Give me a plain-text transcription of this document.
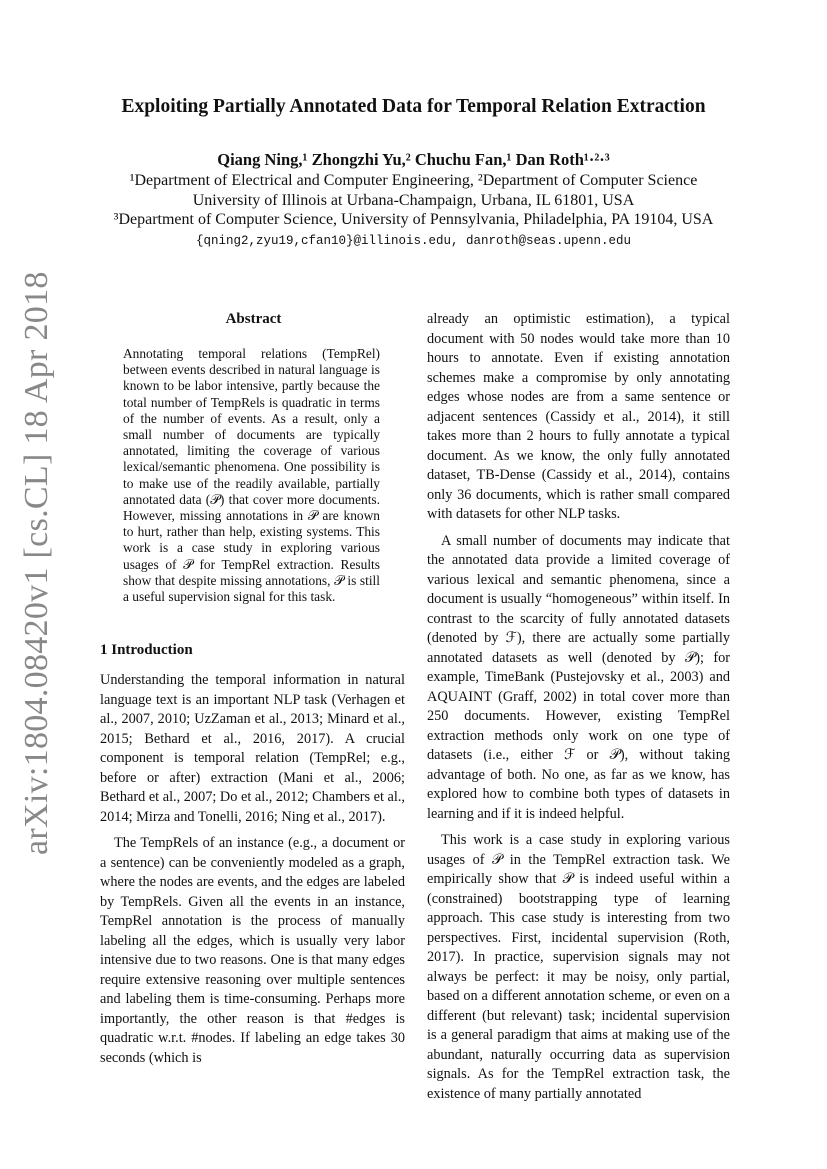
arXiv:1804.08420v1 [cs.CL] 18 Apr 2018
Exploiting Partially Annotated Data for Temporal Relation Extraction
Qiang Ning,¹ Zhongzhi Yu,² Chuchu Fan,¹ Dan Roth¹·²·³
¹Department of Electrical and Computer Engineering, ²Department of Computer Science
University of Illinois at Urbana-Champaign, Urbana, IL 61801, USA
³Department of Computer Science, University of Pennsylvania, Philadelphia, PA 19104, USA
{qning2,zyu19,cfan10}@illinois.edu, danroth@seas.upenn.edu
Abstract
Annotating temporal relations (TempRel) between events described in natural language is known to be labor intensive, partly because the total number of TempRels is quadratic in terms of the number of events. As a result, only a small number of documents are typically annotated, limiting the coverage of various lexical/semantic phenomena. One possibility is to make use of the readily available, partially annotated data (𝒫) that cover more documents. However, missing annotations in 𝒫 are known to hurt, rather than help, existing systems. This work is a case study in exploring various usages of 𝒫 for TempRel extraction. Results show that despite missing annotations, 𝒫 is still a useful supervision signal for this task.
1 Introduction

Understanding the temporal information in natural language text is an important NLP task (Verhagen et al., 2007, 2010; UzZaman et al., 2013; Minard et al., 2015; Bethard et al., 2016, 2017). A crucial component is temporal relation (TempRel; e.g., before or after) extraction (Mani et al., 2006; Bethard et al., 2007; Do et al., 2012; Chambers et al., 2014; Mirza and Tonelli, 2016; Ning et al., 2017).

The TempRels of an instance (e.g., a document or a sentence) can be conveniently modeled as a graph, where the nodes are events, and the edges are labeled by TempRels. Given all the events in an instance, TempRel annotation is the process of manually labeling all the edges, which is usually very labor intensive due to two reasons. One is that many edges require extensive reasoning over multiple sentences and labeling them is time-consuming. Perhaps more importantly, the other reason is that #edges is quadratic w.r.t. #nodes. If labeling an edge takes 30 seconds (which is

already an optimistic estimation), a typical document with 50 nodes would take more than 10 hours to annotate. Even if existing annotation schemes make a compromise by only annotating edges whose nodes are from a same sentence or adjacent sentences (Cassidy et al., 2014), it still takes more than 2 hours to fully annotate a typical document. As we know, the only fully annotated dataset, TB-Dense (Cassidy et al., 2014), contains only 36 documents, which is rather small compared with datasets for other NLP tasks.

A small number of documents may indicate that the annotated data provide a limited coverage of various lexical and semantic phenomena, since a document is usually “homogeneous” within itself. In contrast to the scarcity of fully annotated datasets (denoted by ℱ), there are actually some partially annotated datasets as well (denoted by 𝒫); for example, TimeBank (Pustejovsky et al., 2003) and AQUAINT (Graff, 2002) in total cover more than 250 documents. However, existing TempRel extraction methods only work on one type of datasets (i.e., either ℱ or 𝒫), without taking advantage of both. No one, as far as we know, has explored how to combine both types of datasets in learning and if it is indeed helpful.

This work is a case study in exploring various usages of 𝒫 in the TempRel extraction task. We empirically show that 𝒫 is indeed useful within a (constrained) bootstrapping type of learning approach. This case study is interesting from two perspectives. First, incidental supervision (Roth, 2017). In practice, supervision signals may not always be perfect: it may be noisy, only partial, based on a different annotation scheme, or even on a different (but relevant) task; incidental supervision is a general paradigm that aims at making use of the abundant, naturally occurring data as supervision signals. As for the TempRel extraction task, the existence of many partially annotated
